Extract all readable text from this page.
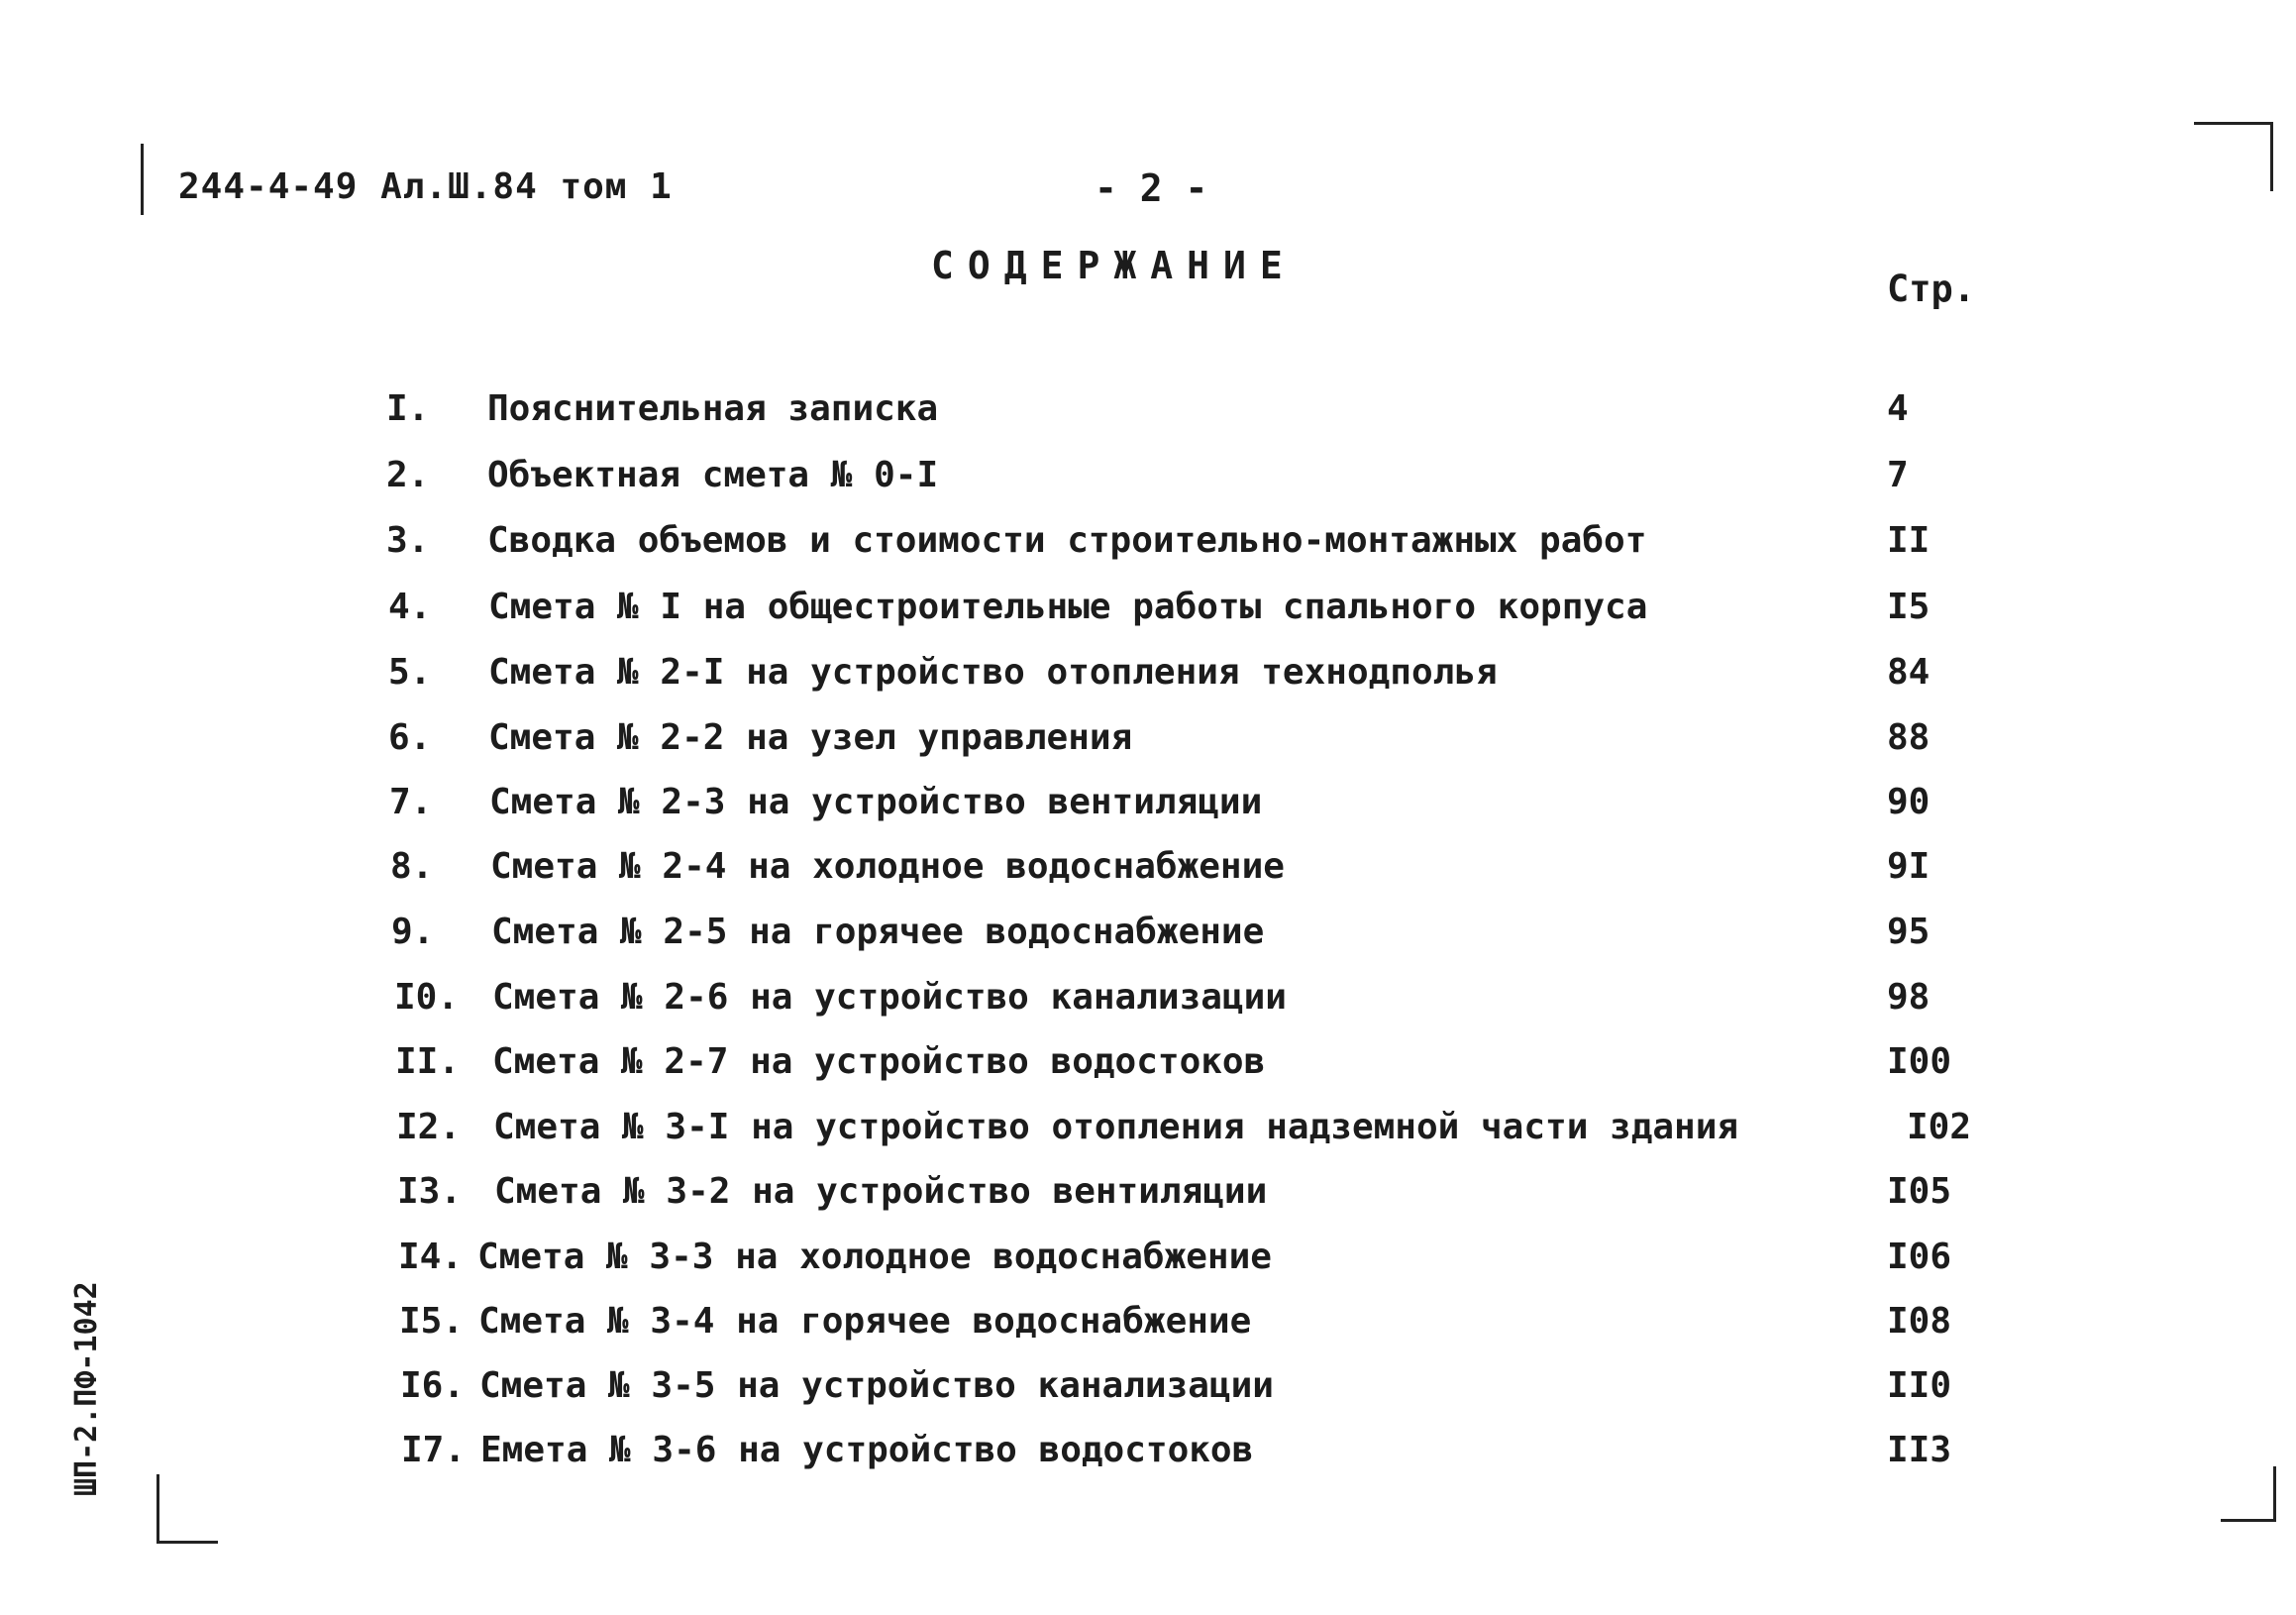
244-4-49 Ал.Ш.84 том 1	- 2 -
СОДЕРЖАНИЕ
Стр.
I. Пояснительная записка	4
2. Объектная смета № 0-I	7
3. Сводка объемов и стоимости строительно-монтажных работ	II
4. Смета № I на общестроительные работы спального корпуса	I5
5. Смета № 2-I на устройство отопления технодполья	84
6. Смета № 2-2 на узел управления	88
7. Смета № 2-3 на устройство вентиляции	90
8. Смета № 2-4 на холодное водоснабжение	9I
9. Смета № 2-5 на горячее водоснабжение	95
I0. Смета № 2-6 на устройство канализации	98
II. Смета № 2-7 на устройство водостоков	I00
I2. Смета № 3-I на устройство отопления надземной части здания	I02
I3. Смета № 3-2 на устройство вентиляции	I05
I4. Смета № 3-3 на холодное водоснабжение	I06
I5. Смета № 3-4 на горячее водоснабжение	I08
I6. Смета № 3-5 на устройство канализации	II0
I7. Емета № 3-6 на устройство водостоков	II3
ШП-2.ПФ-1042
